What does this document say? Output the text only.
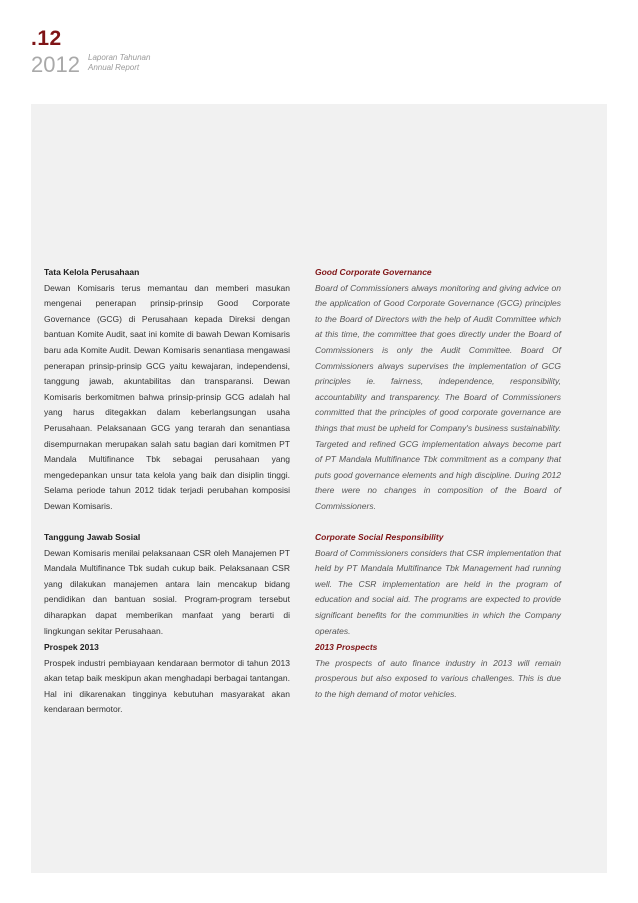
.12
2012 Laporan Tahunan
Annual Report
Tata Kelola Perusahaan

Dewan Komisaris terus memantau dan memberi masukan mengenai penerapan prinsip-prinsip Good Corporate Governance (GCG) di Perusahaan kepada Direksi dengan bantuan Komite Audit, saat ini komite di bawah Dewan Komisaris baru ada Komite Audit. Dewan Komisaris senantiasa mengawasi penerapan prinsip-prinsip GCG yaitu kewajaran, independensi, tanggung jawab, akuntabilitas dan transparansi. Dewan Komisaris berkomitmen bahwa prinsip-prinsip GCG adalah hal yang harus ditegakkan dalam keberlangsungan usaha Perusahaan. Pelaksanaan GCG yang terarah dan senantiasa disempurnakan merupakan salah satu bagian dari komitmen PT Mandala Multifinance Tbk sebagai perusahaan yang mengedepankan unsur tata kelola yang baik dan disiplin tinggi. Selama periode tahun 2012 tidak terjadi perubahan komposisi Dewan Komisaris.

Good Corporate Governance

Board of Commissioners always monitoring and giving advice on the application of Good Corporate Governance (GCG) principles to the Board of Directors with the help of Audit Committee which at this time, the committee that goes directly under the Board of Commissioners is only the Audit Committee. Board Of Commissioners always supervises the implementation of GCG principles ie. fairness, independence, responsibility, accountability and transparency. The Board of Commissioners committed that the principles of good corporate governance are things that must be upheld for Company's business sustainability. Targeted and refined GCG implementation always become part of PT Mandala Multifinance Tbk commitment as a company that puts good governance elements and high discipline. During 2012 there were no changes in composition of the Board of Commissioners.

Tanggung Jawab Sosial

Dewan Komisaris menilai pelaksanaan CSR oleh Manajemen PT Mandala Multifinance Tbk sudah cukup baik. Pelaksanaan CSR yang dilakukan manajemen antara lain mencakup bidang pendidikan dan bantuan sosial. Program-program tersebut diharapkan dapat memberikan manfaat yang berarti di lingkungan sekitar Perusahaan.

Corporate Social Responsibility

Board of Commissioners considers that CSR implementation that held by PT Mandala Multifinance Tbk Management had running well. The CSR implementation are held in the program of education and social aid. The programs are expected to provide significant benefits for the communities in which the Company operates.

Prospek 2013

Prospek industri pembiayaan kendaraan bermotor di tahun 2013 akan tetap baik meskipun akan menghadapi berbagai tantangan. Hal ini dikarenakan tingginya kebutuhan masyarakat akan kendaraan bermotor.

2013 Prospects

The prospects of auto finance industry in 2013 will remain prosperous but also exposed to various challenges. This is due to the high demand of motor vehicles.
